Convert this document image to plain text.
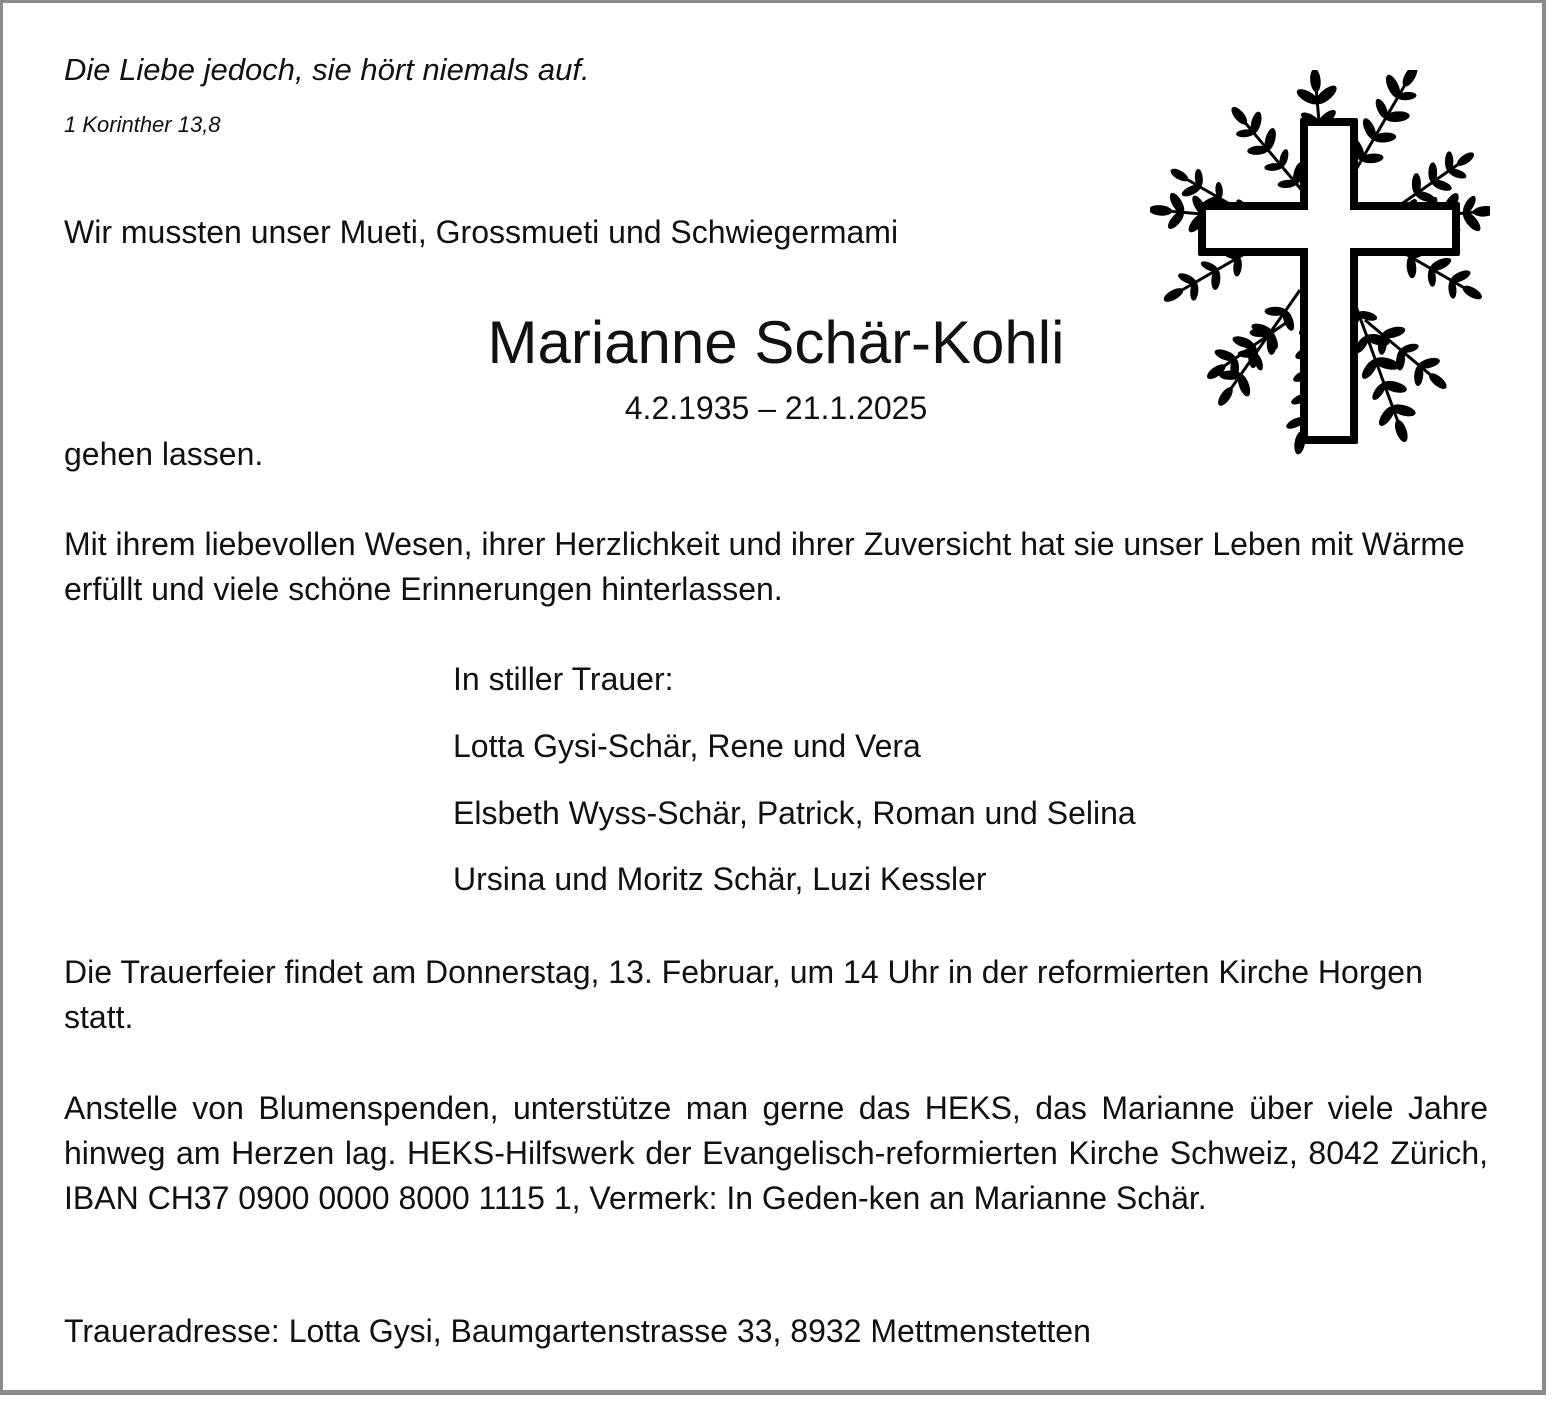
Die Liebe jedoch, sie hört niemals auf.
1 Korinther 13,8
Wir mussten unser Mueti, Grossmueti und Schwiegermami
Marianne Schär-Kohli
4.2.1935 – 21.1.2025
gehen lassen.
Mit ihrem liebevollen Wesen, ihrer Herzlichkeit und ihrer Zuversicht hat sie unser Leben mit Wärme erfüllt und viele schöne Erinnerungen hinterlassen.
In stiller Trauer:
Lotta Gysi-Schär, Rene und Vera
Elsbeth Wyss-Schär, Patrick, Roman und Selina
Ursina und Moritz Schär, Luzi Kessler
Die Trauerfeier findet am Donnerstag, 13. Februar, um 14 Uhr in der reformierten Kirche Horgen statt.
Anstelle von Blumenspenden, unterstütze man gerne das HEKS, das Marianne über viele Jahre hinweg am Herzen lag. HEKS-Hilfswerk der Evangelisch-reformierten Kirche Schweiz, 8042 Zürich, IBAN CH37 0900 0000 8000 1115 1, Vermerk: In Geden-ken an Marianne Schär.
Traueradresse: Lotta Gysi, Baumgartenstrasse 33, 8932 Mettmenstetten
